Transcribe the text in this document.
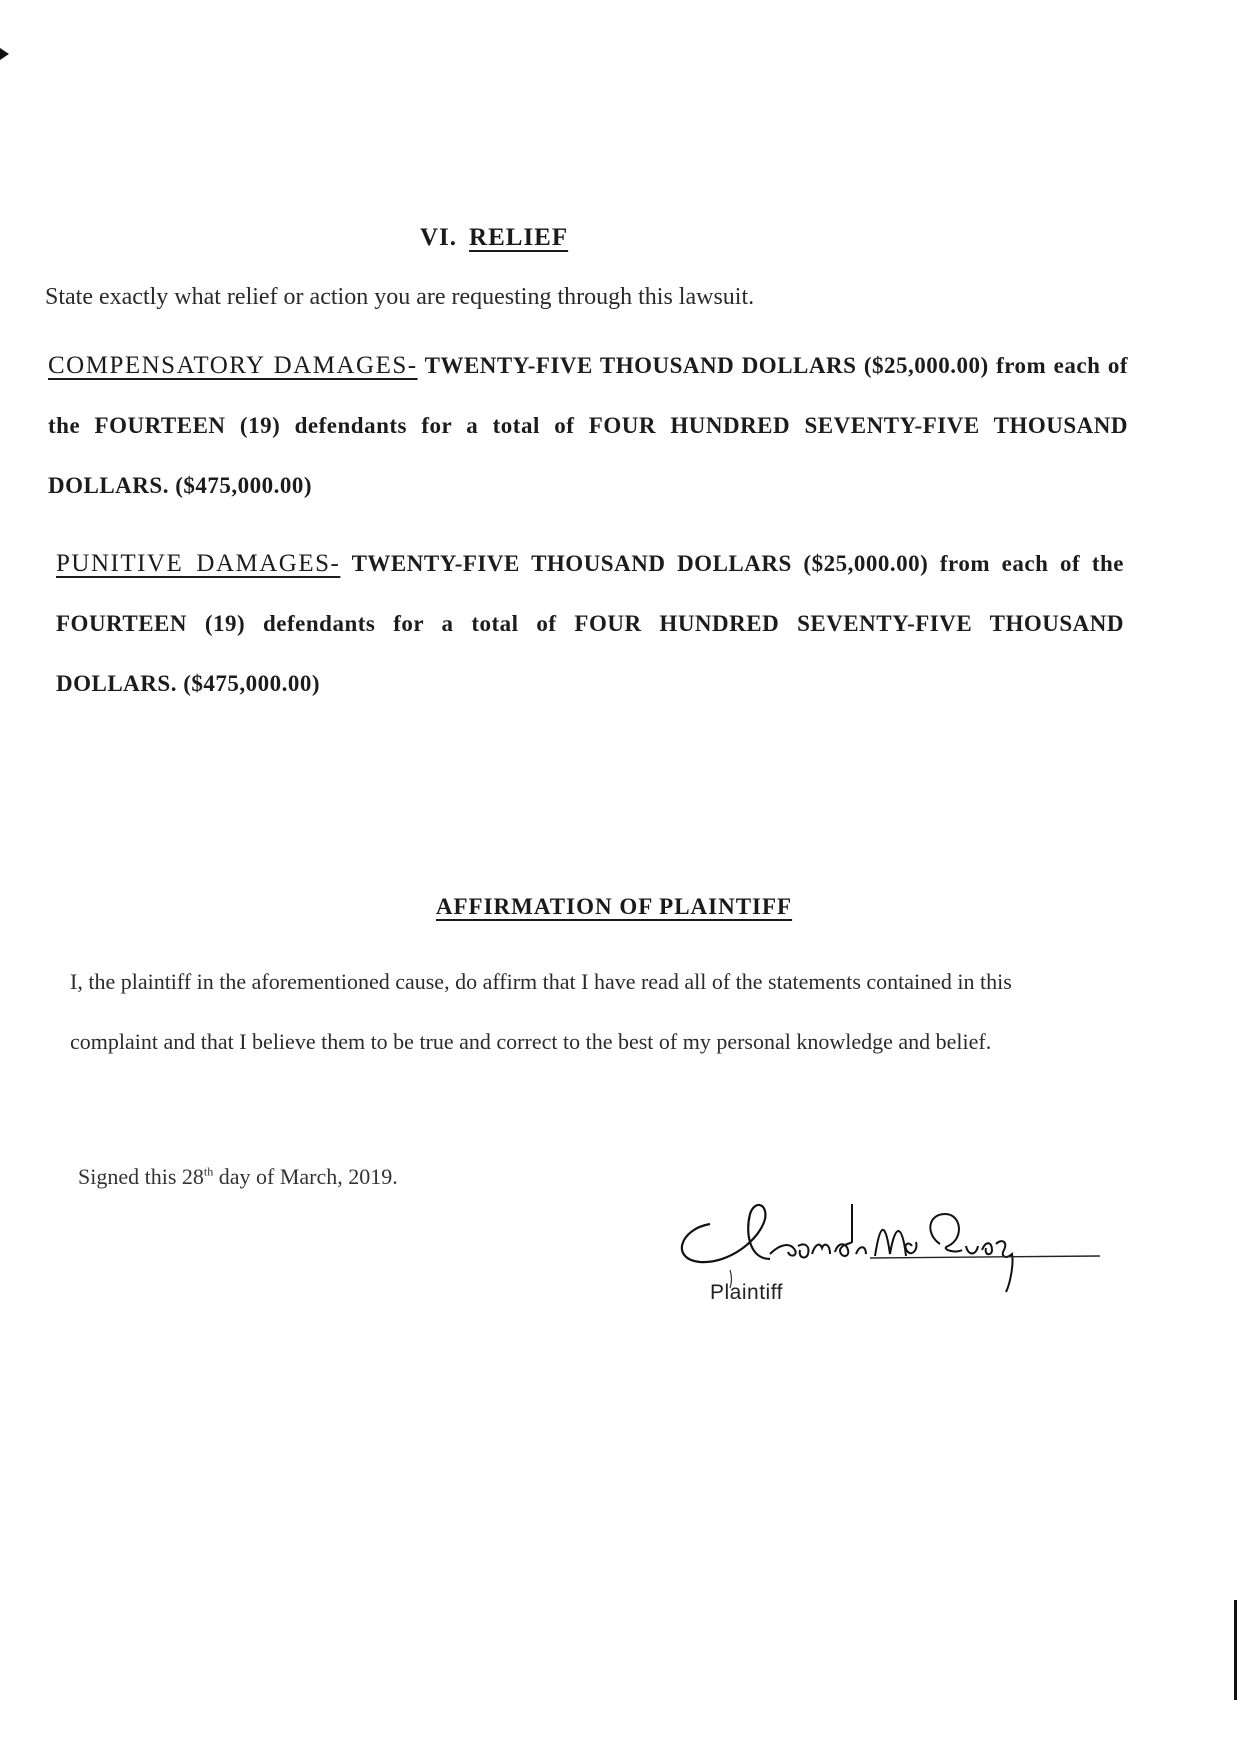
VI. RELIEF
State exactly what relief or action you are requesting through this lawsuit.
COMPENSATORY DAMAGES- TWENTY-FIVE THOUSAND DOLLARS ($25,000.00) from each of the FOURTEEN (19) defendants for a total of FOUR HUNDRED SEVENTY-FIVE THOUSAND DOLLARS. ($475,000.00)
PUNITIVE DAMAGES- TWENTY-FIVE THOUSAND DOLLARS ($25,000.00) from each of the FOURTEEN (19) defendants for a total of FOUR HUNDRED SEVENTY-FIVE THOUSAND DOLLARS. ($475,000.00)
AFFIRMATION OF PLAINTIFF
I, the plaintiff in the aforementioned cause, do affirm that I have read all of the statements contained in this complaint and that I believe them to be true and correct to the best of my personal knowledge and belief.
Signed this 28th day of March, 2019.
Plaintiff
